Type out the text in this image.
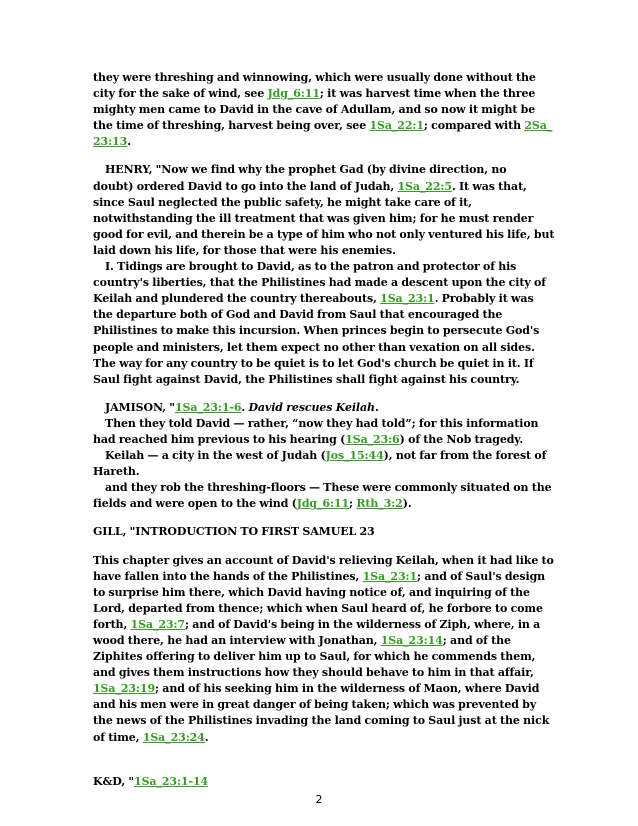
they were threshing and winnowing, which were usually done without the

city for the sake of wind, see Jdg_6:11; it was harvest time when the three

mighty men came to David in the cave of Adullam, and so now it might be

the time of threshing, harvest being over, see 1Sa_22:1; compared with 2Sa_

23:13.

HENRY, "Now we find why the prophet Gad (by divine direction, no

doubt) ordered David to go into the land of Judah, 1Sa_22:5. It was that,

since Saul neglected the public safety, he might take care of it,

notwithstanding the ill treatment that was given him; for he must render

good for evil, and therein be a type of him who not only ventured his life, but

laid down his life, for those that were his enemies.

I. Tidings are brought to David, as to the patron and protector of his

country's liberties, that the Philistines had made a descent upon the city of

Keilah and plundered the country thereabouts, 1Sa_23:1. Probably it was

the departure both of God and David from Saul that encouraged the

Philistines to make this incursion. When princes begin to persecute God's

people and ministers, let them expect no other than vexation on all sides.

The way for any country to be quiet is to let God's church be quiet in it. If

Saul fight against David, the Philistines shall fight against his country.

JAMISON, "1Sa_23:1-6. David rescues Keilah.

Then they told David — rather, “now they had told”; for this information

had reached him previous to his hearing (1Sa_23:6) of the Nob tragedy.

Keilah — a city in the west of Judah (Jos_15:44), not far from the forest of

Hareth.

and they rob the threshing-floors — These were commonly situated on the

fields and were open to the wind (Jdg_6:11; Rth_3:2).

GILL, "INTRODUCTION TO FIRST SAMUEL 23

This chapter gives an account of David's relieving Keilah, when it had like to

have fallen into the hands of the Philistines, 1Sa_23:1; and of Saul's design

to surprise him there, which David having notice of, and inquiring of the

Lord, departed from thence; which when Saul heard of, he forbore to come

forth, 1Sa_23:7; and of David's being in the wilderness of Ziph, where, in a

wood there, he had an interview with Jonathan, 1Sa_23:14; and of the

Ziphites offering to deliver him up to Saul, for which he commends them,

and gives them instructions how they should behave to him in that affair,

1Sa_23:19; and of his seeking him in the wilderness of Maon, where David

and his men were in great danger of being taken; which was prevented by

the news of the Philistines invading the land coming to Saul just at the nick

of time, 1Sa_23:24.

K&D, "1Sa_23:1-14

2
